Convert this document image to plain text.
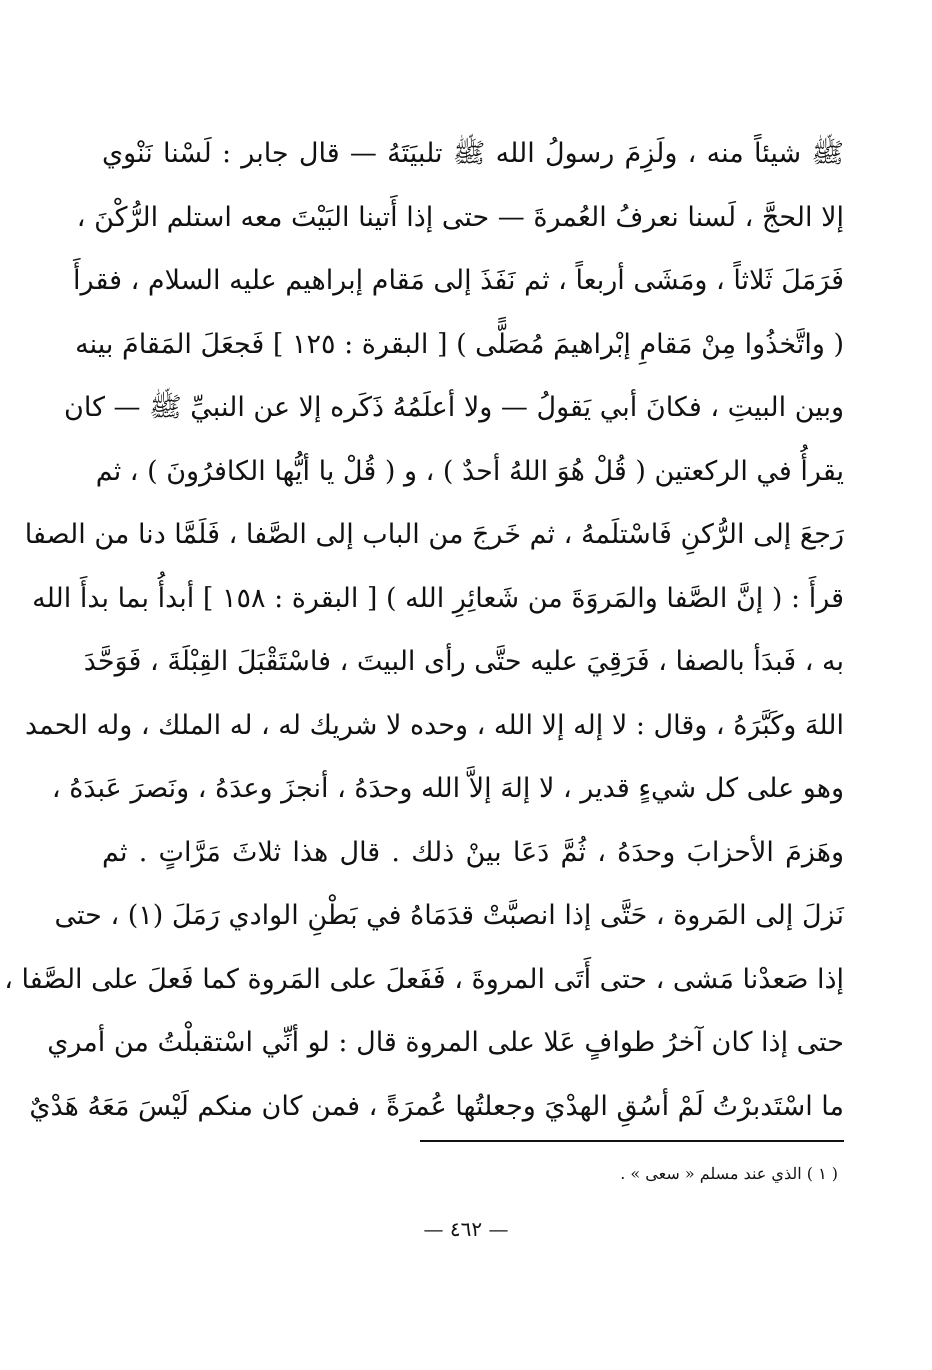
ﷺ شيئاً منه ، ولَزِمَ رسولُ الله ﷺ تلبيَتَهُ — قال جابر : لَسْنا نَنْوي
إلا الحجَّ ، لَسنا نعرفُ العُمرةَ — حتى إذا أَتينا البَيْتَ معه استلم الرُّكْنَ ،
فَرَمَلَ ثَلاثاً ، ومَشَى أربعاً ، ثم نَفَذَ إلى مَقام إبراهيم عليه السلام ، فقرأَ
( واتَّخذُوا مِنْ مَقامِ إبْراهيمَ مُصَلًّى ) [ البقرة : ١٢٥ ] فَجعَلَ المَقامَ بينه
وبين البيتِ ، فكانَ أبي يَقولُ — ولا أعلَمُهُ ذَكَره إلا عن النبيِّ ﷺ — كان
يقرأُ في الركعتين ( قُلْ هُوَ اللهُ أحدٌ ) ، و ( قُلْ يا أيُّها الكافرُونَ ) ، ثم
رَجعَ إلى الرُّكنِ فَاسْتلَمهُ ، ثم خَرجَ من الباب إلى الصَّفا ، فَلَمَّا دنا من الصفا
قرأَ : ( إنَّ الصَّفا والمَروَةَ من شَعائِرِ الله ) [ البقرة : ١٥٨ ] أبدأُ بما بدأَ الله
به ، فَبدَأ بالصفا ، فَرَقِيَ عليه حتَّى رأى البيتَ ، فاسْتَقْبَلَ القِبْلَةَ ، فَوَحَّدَ
اللهَ وكَبَّرَهُ ، وقال : لا إله إلا الله ، وحده لا شريك له ، له الملك ، وله الحمد
وهو على كل شيءٍ قدير ، لا إلهَ إلاَّ الله وحدَهُ ، أنجزَ وعدَهُ ، ونَصرَ عَبدَهُ ،
وهَزمَ الأحزابَ وحدَهُ ، ثُمَّ دَعَا بينْ ذلك . قال هذا ثلاثَ مَرَّاتٍ . ثم
نَزلَ إلى المَروة ، حَتَّى إذا انصبَّتْ قدَمَاهُ في بَطْنِ الوادي رَمَلَ (١) ، حتى
إذا صَعدْنا مَشى ، حتى أَتَى المروةَ ، فَفَعلَ على المَروة كما فَعلَ على الصَّفا ،
حتى إذا كان آخرُ طوافٍ عَلا على المروة قال : لو أنِّي اسْتقبلْتُ من أمري
ما اسْتَدبرْتُ لَمْ أسُقِ الهدْيَ وجعلتُها عُمرَةً ، فمن كان منكم لَيْسَ مَعَهُ هَدْيٌ
( ١ ) الذي عند مسلم « سعى » .
— ٤٦٢ —
